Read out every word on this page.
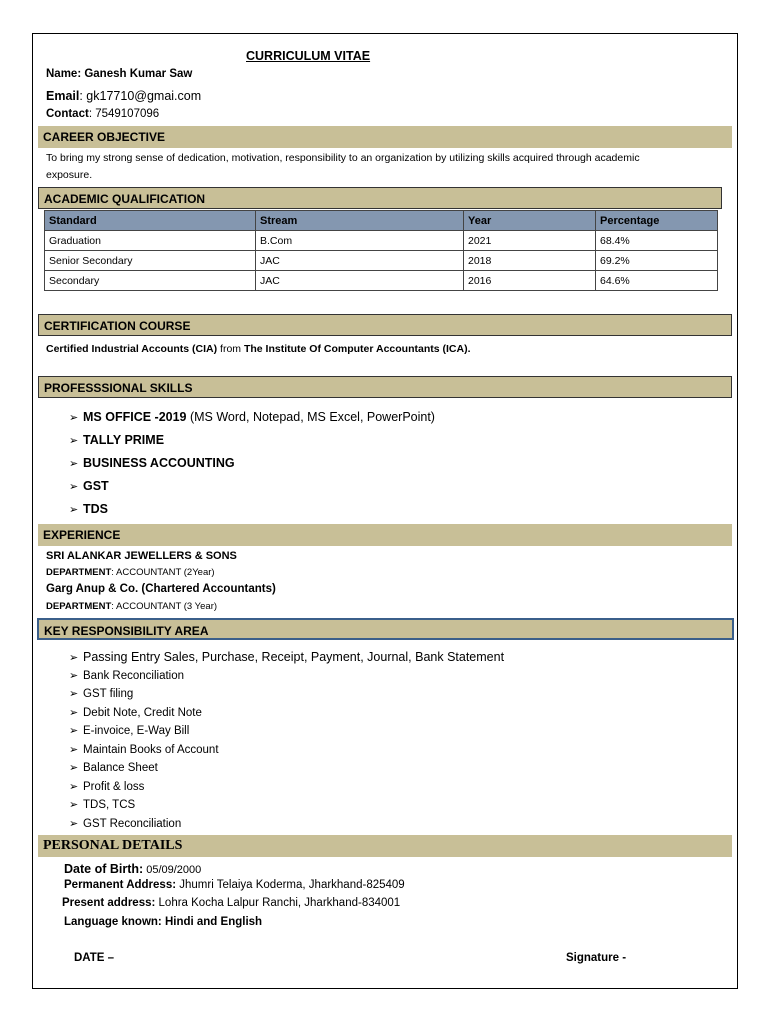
CURRICULUM VITAE
Name: Ganesh Kumar Saw
Email: gk17710@gmai.com
Contact: 7549107096
CAREER OBJECTIVE
To bring my strong sense of dedication, motivation, responsibility to an organization by utilizing skills acquired through academic
exposure.
ACADEMIC QUALIFICATION
Standard	Stream	Year	Percentage
Graduation	B.Com	2021	68.4%
Senior Secondary	JAC	2018	69.2%
Secondary	JAC	2016	64.6%
CERTIFICATION COURSE
Certified Industrial Accounts (CIA) from The Institute Of Computer Accountants (ICA).
PROFESSSIONAL SKILLS
➢ MS OFFICE -2019 (MS Word, Notepad, MS Excel, PowerPoint)
➢ TALLY PRIME
➢ BUSINESS ACCOUNTING
➢ GST
➢ TDS
EXPERIENCE
SRI ALANKAR JEWELLERS & SONS
DEPARTMENT: ACCOUNTANT (2Year)
Garg Anup & Co. (Chartered Accountants)
DEPARTMENT: ACCOUNTANT (3 Year)
KEY RESPONSIBILITY AREA
➢ Passing Entry Sales, Purchase, Receipt, Payment, Journal, Bank Statement
➢ Bank Reconciliation
➢ GST filing
➢ Debit Note, Credit Note
➢ E-invoice, E-Way Bill
➢ Maintain Books of Account
➢ Balance Sheet
➢ Profit & loss
➢ TDS, TCS
➢ GST Reconciliation
PERSONAL DETAILS
Date of Birth: 05/09/2000
Permanent Address: Jhumri Telaiya Koderma, Jharkhand-825409
Present address: Lohra Kocha Lalpur Ranchi, Jharkhand-834001
Language known: Hindi and English
DATE –	Signature -
